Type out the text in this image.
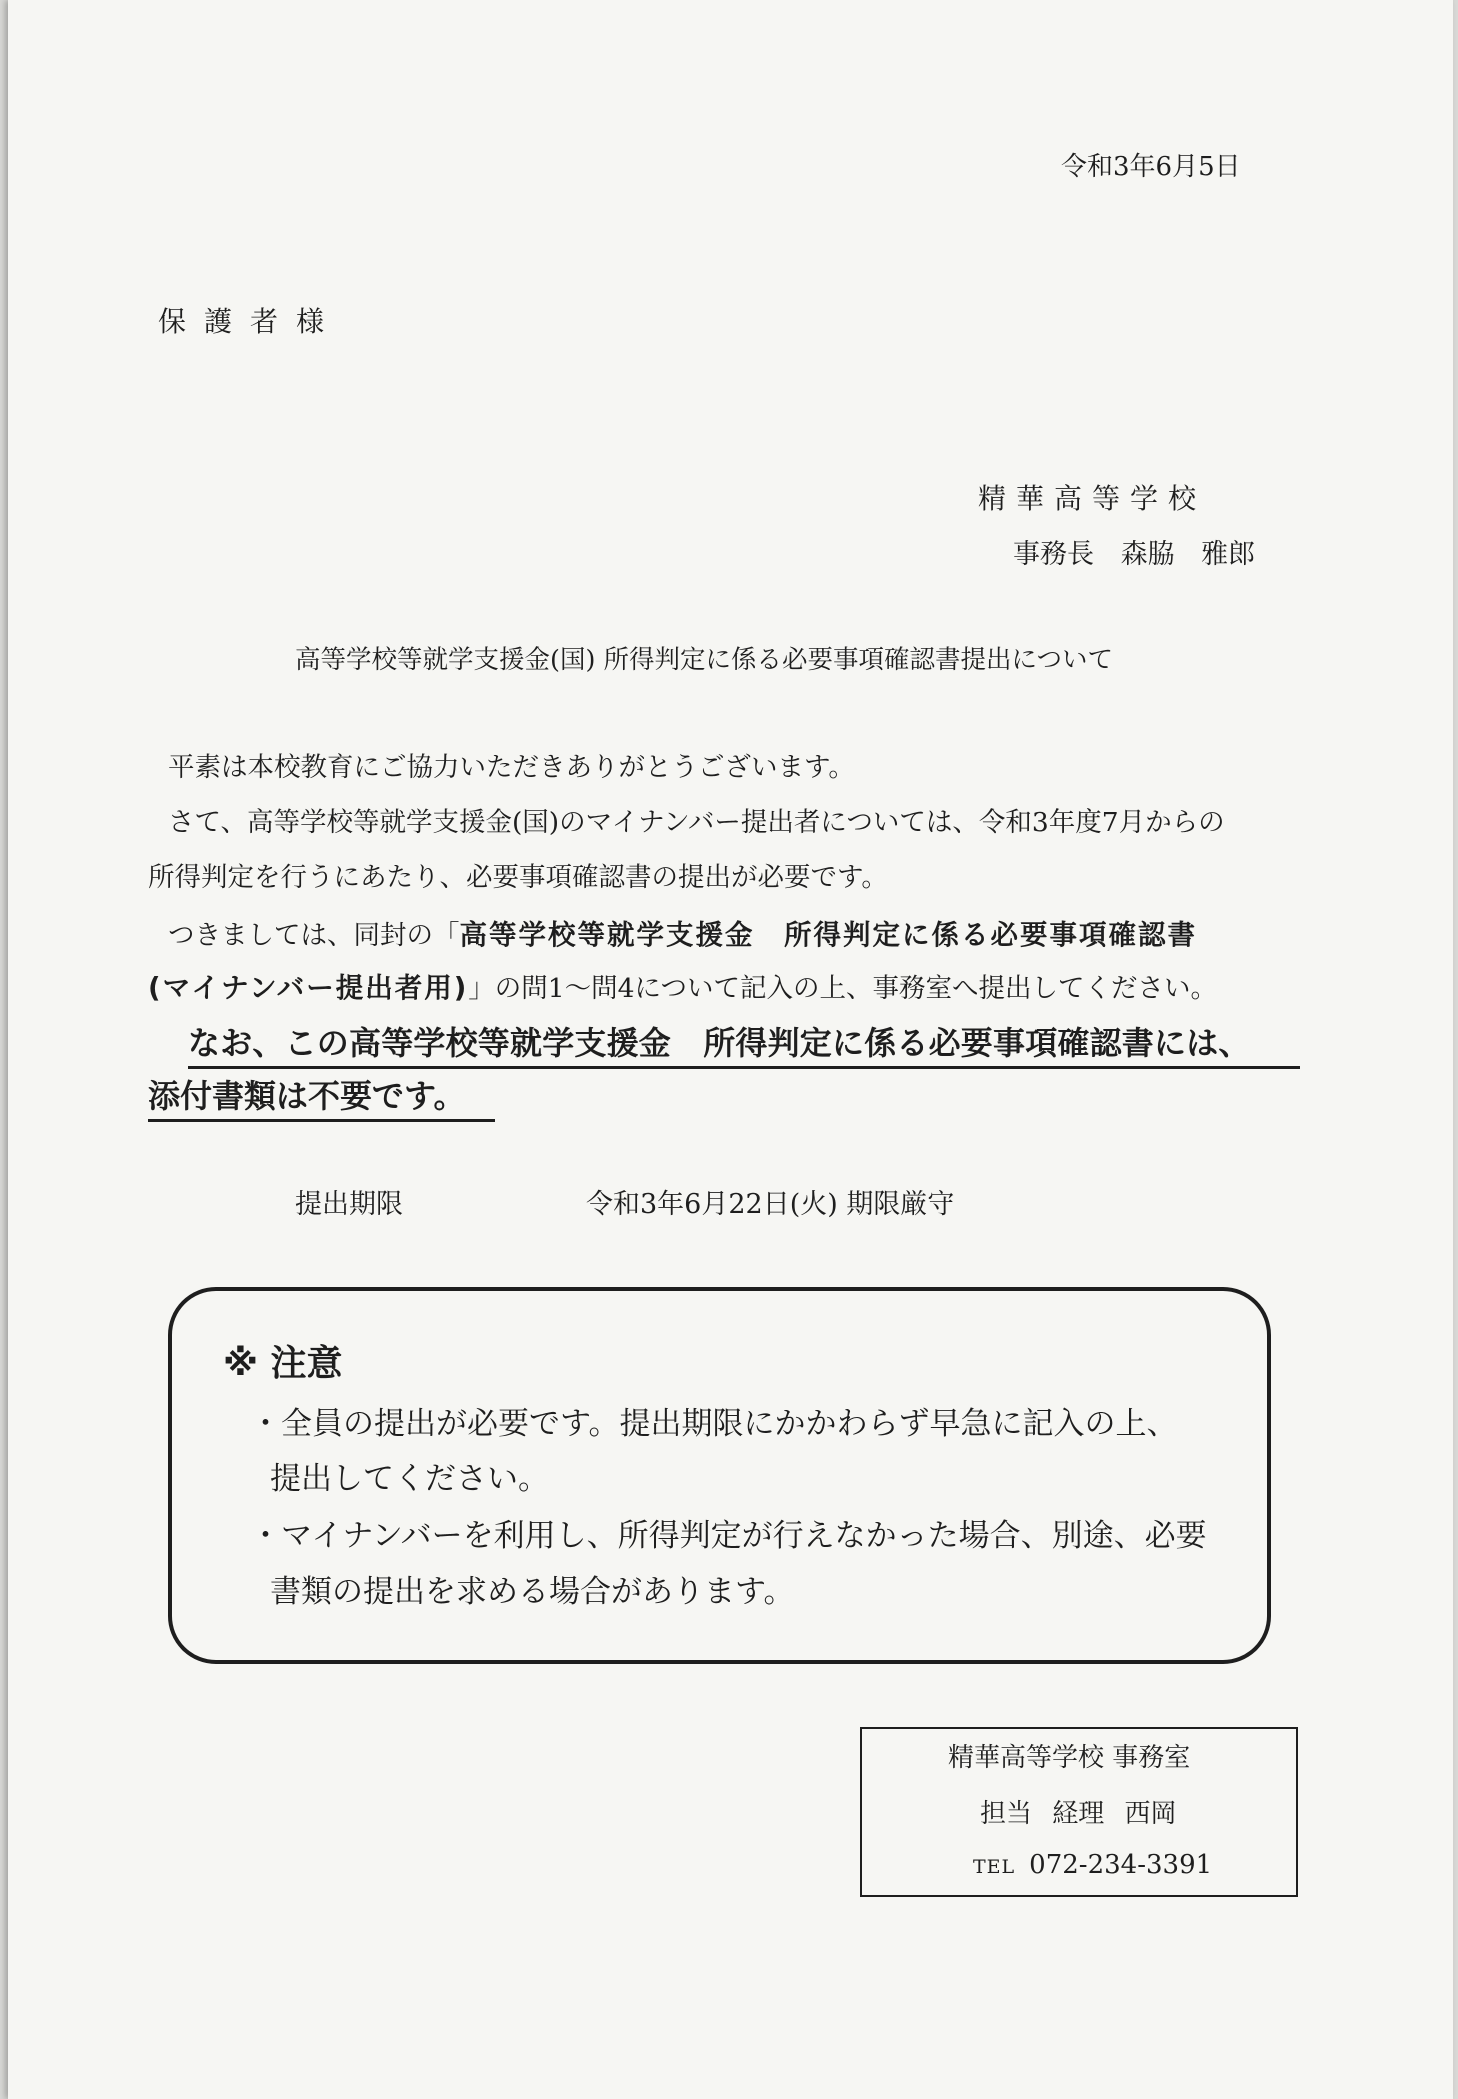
令和3年6月5日
保護者様
精華高等学校
事務長 森脇 雅郎
高等学校等就学支援金(国) 所得判定に係る必要事項確認書提出について
平素は本校教育にご協力いただきありがとうございます。
さて、高等学校等就学支援金(国)のマイナンバー提出者については、令和3年度7月からの
所得判定を行うにあたり、必要事項確認書の提出が必要です。
つきましては、同封の「高等学校等就学支援金　所得判定に係る必要事項確認書
(マイナンバー提出者用)」の問1～問4について記入の上、事務室へ提出してください。
なお、この高等学校等就学支援金　所得判定に係る必要事項確認書には、
添付書類は不要です。
提出期限	令和3年6月22日(火) 期限厳守
※ 注意
・全員の提出が必要です。提出期限にかかわらず早急に記入の上、
提出してください。
・マイナンバーを利用し、所得判定が行えなかった場合、別途、必要
書類の提出を求める場合があります。
精華高等学校 事務室
担当 経理 西岡
TEL 072-234-3391
